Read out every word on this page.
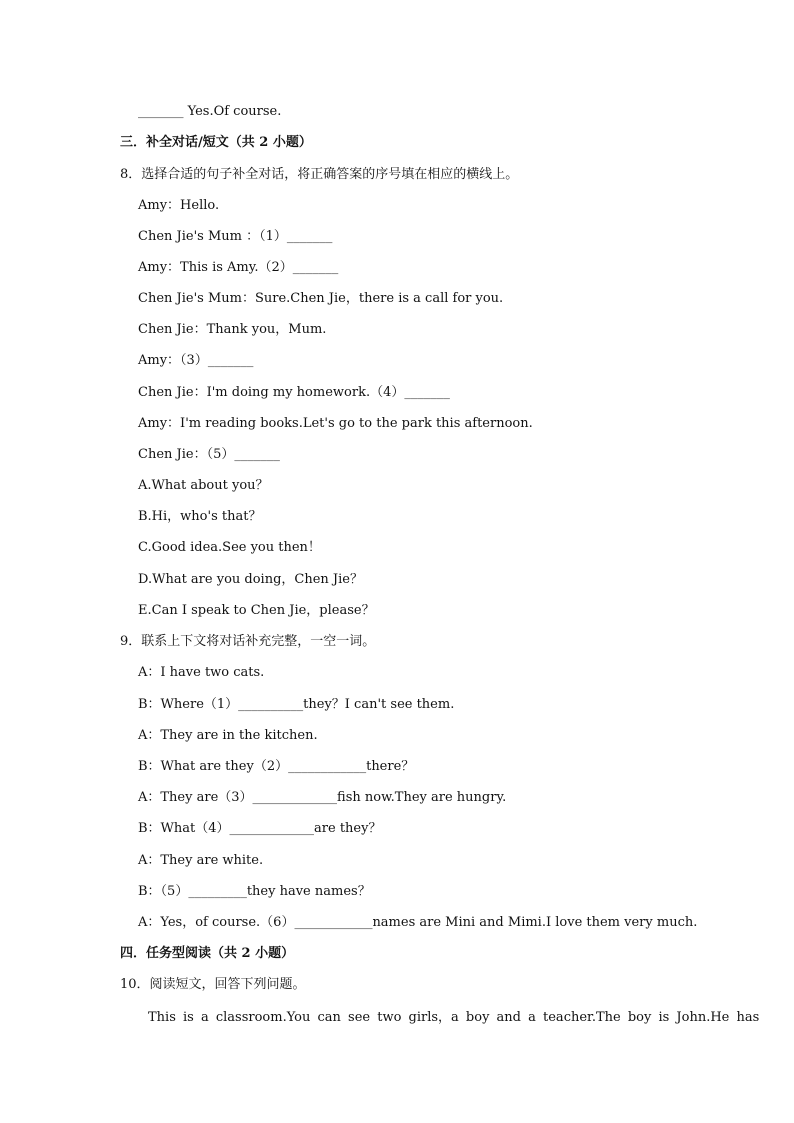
_______ Yes.Of course.
三．补全对话/短文（共 2 小题）
8．选择合适的句子补全对话，将正确答案的序号填在相应的横线上。
Amy：Hello.
Chen Jie's Mum ：（1）_______
Amy：This is Amy.（2）_______
Chen Jie's Mum：Sure.Chen Jie，there is a call for you.
Chen Jie：Thank you，Mum.
Amy：（3）_______
Chen Jie：I'm doing my homework.（4）_______
Amy：I'm reading books.Let's go to the park this afternoon.
Chen Jie：（5）_______
A.What about you？
B.Hi，who's that？
C.Good idea.See you then！
D.What are you doing，Chen Jie？
E.Can I speak to Chen Jie，please？
9．联系上下文将对话补充完整，一空一词。
A：I have two cats.
B：Where（1）__________they？I can't see them.
A：They are in the kitchen.
B：What are they（2）____________there？
A：They are（3）_____________fish now.They are hungry.
B：What（4）_____________are they？
A：They are white.
B：（5）_________they have names？
A：Yes，of course.（6）____________names are Mini and Mimi.I love them very much.
四．任务型阅读（共 2 小题）
10．阅读短文，回答下列问题。
This is a classroom.You can see two girls，a boy and a teacher.The boy is John.He has
